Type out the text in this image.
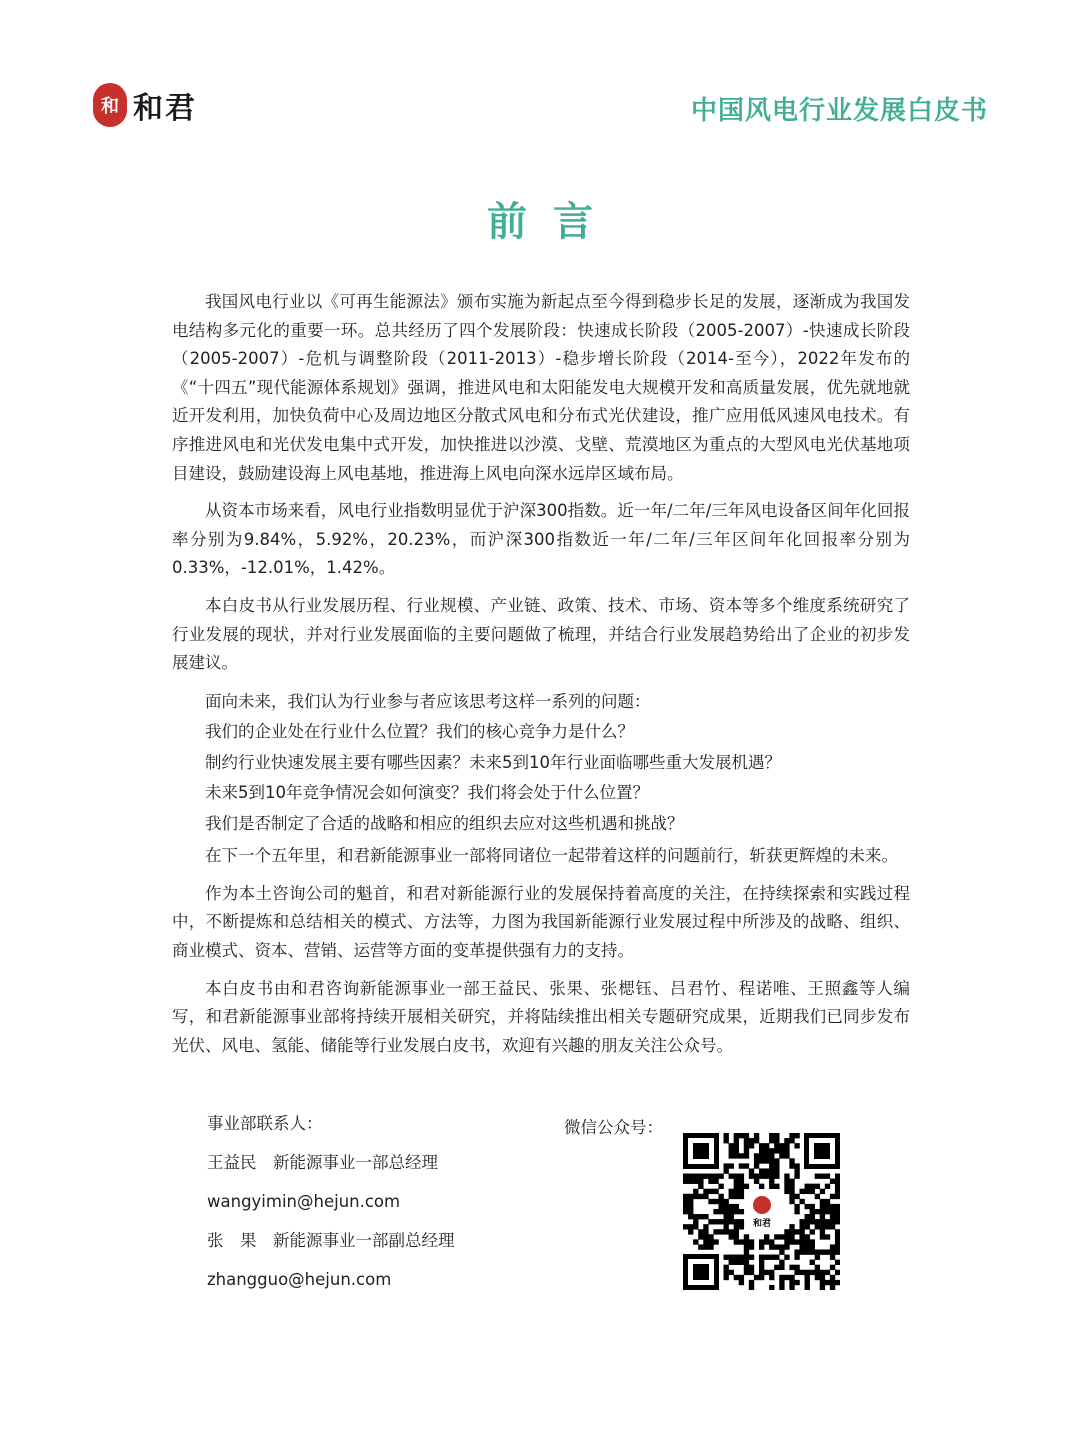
和 和君	中国风电行业发展白皮书
前言

我国风电行业以《可再生能源法》颁布实施为新起点至今得到稳步长足的发展，逐渐成为我国发电结构多元化的重要一环。总共经历了四个发展阶段：快速成长阶段（2005-2007）-快速成长阶段（2005-2007）-危机与调整阶段（2011-2013）-稳步增长阶段（2014-至今），2022年发布的《“十四五”现代能源体系规划》强调，推进风电和太阳能发电大规模开发和高质量发展，优先就地就近开发利用，加快负荷中心及周边地区分散式风电和分布式光伏建设，推广应用低风速风电技术。有序推进风电和光伏发电集中式开发，加快推进以沙漠、戈壁、荒漠地区为重点的大型风电光伏基地项目建设，鼓励建设海上风电基地，推进海上风电向深水远岸区域布局。

从资本市场来看，风电行业指数明显优于沪深300指数。近一年/二年/三年风电设备区间年化回报率分别为9.84%，5.92%，20.23%，而沪深300指数近一年/二年/三年区间年化回报率分别为0.33%，-12.01%，1.42%。

本白皮书从行业发展历程、行业规模、产业链、政策、技术、市场、资本等多个维度系统研究了行业发展的现状，并对行业发展面临的主要问题做了梳理，并结合行业发展趋势给出了企业的初步发展建议。

面向未来，我们认为行业参与者应该思考这样一系列的问题：

我们的企业处在行业什么位置？我们的核心竞争力是什么？

制约行业快速发展主要有哪些因素？未来5到10年行业面临哪些重大发展机遇？

未来5到10年竞争情况会如何演变？我们将会处于什么位置？

我们是否制定了合适的战略和相应的组织去应对这些机遇和挑战？

在下一个五年里，和君新能源事业一部将同诸位一起带着这样的问题前行，斩获更辉煌的未来。

作为本土咨询公司的魁首，和君对新能源行业的发展保持着高度的关注，在持续探索和实践过程中，不断提炼和总结相关的模式、方法等，力图为我国新能源行业发展过程中所涉及的战略、组织、商业模式、资本、营销、运营等方面的变革提供强有力的支持。

本白皮书由和君咨询新能源事业一部王益民、张果、张楒钰、吕君竹、程诺唯、王照鑫等人编写，和君新能源事业部将持续开展相关研究，并将陆续推出相关专题研究成果，近期我们已同步发布光伏、风电、氢能、储能等行业发展白皮书，欢迎有兴趣的朋友关注公众号。

事业部联系人：
王益民　新能源事业一部总经理
wangyimin@hejun.com
张　果　新能源事业一部副总经理
zhangguo@hejun.com
微信公众号：
和君
